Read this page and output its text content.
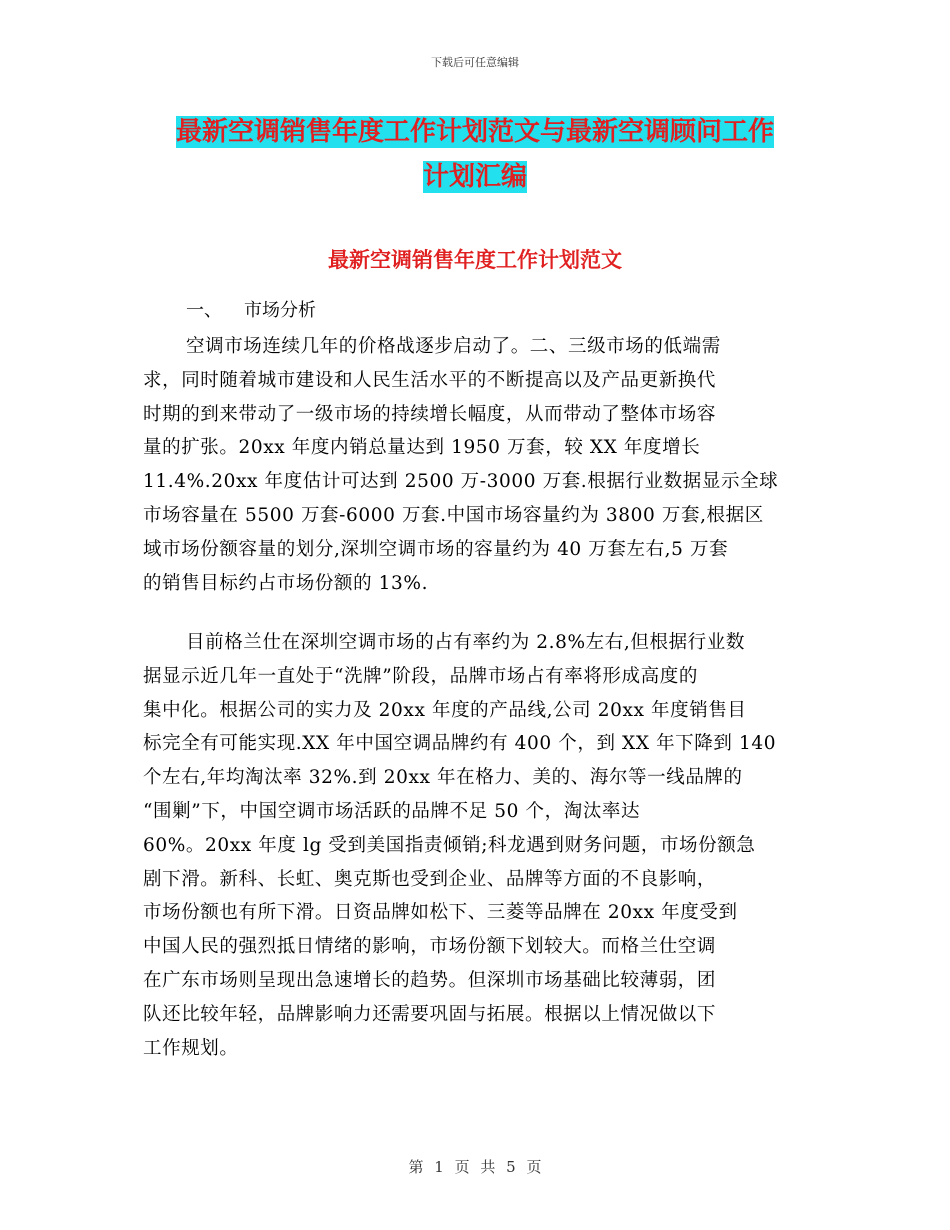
下载后可任意编辑
最新空调销售年度工作计划范文与最新空调顾问工作
计划汇编
最新空调销售年度工作计划范文
一、 市场分析
空调市场连续几年的价格战逐步启动了。二、三级市场的低端需
求，同时随着城市建设和人民生活水平的不断提高以及产品更新换代
时期的到来带动了一级市场的持续增长幅度，从而带动了整体市场容
量的扩张。20xx 年度内销总量达到 1950 万套，较 XX 年度增长
11.4%.20xx 年度估计可达到 2500 万-3000 万套.根据行业数据显示全球
市场容量在 5500 万套-6000 万套.中国市场容量约为 3800 万套,根据区
域市场份额容量的划分,深圳空调市场的容量约为 40 万套左右,5 万套
的销售目标约占市场份额的 13%.
目前格兰仕在深圳空调市场的占有率约为 2.8%左右,但根据行业数
据显示近几年一直处于“洗牌”阶段，品牌市场占有率将形成高度的
集中化。根据公司的实力及 20xx 年度的产品线,公司 20xx 年度销售目
标完全有可能实现.XX 年中国空调品牌约有 400 个，到 XX 年下降到 140
个左右,年均淘汰率 32%.到 20xx 年在格力、美的、海尔等一线品牌的
“围剿”下，中国空调市场活跃的品牌不足 50 个，淘汰率达
60%。20xx 年度 lg 受到美国指责倾销;科龙遇到财务问题，市场份额急
剧下滑。新科、长虹、奥克斯也受到企业、品牌等方面的不良影响，
市场份额也有所下滑。日资品牌如松下、三菱等品牌在 20xx 年度受到
中国人民的强烈抵日情绪的影响，市场份额下划较大。而格兰仕空调
在广东市场则呈现出急速增长的趋势。但深圳市场基础比较薄弱，团
队还比较年轻，品牌影响力还需要巩固与拓展。根据以上情况做以下
工作规划。
第 1 页 共 5 页
